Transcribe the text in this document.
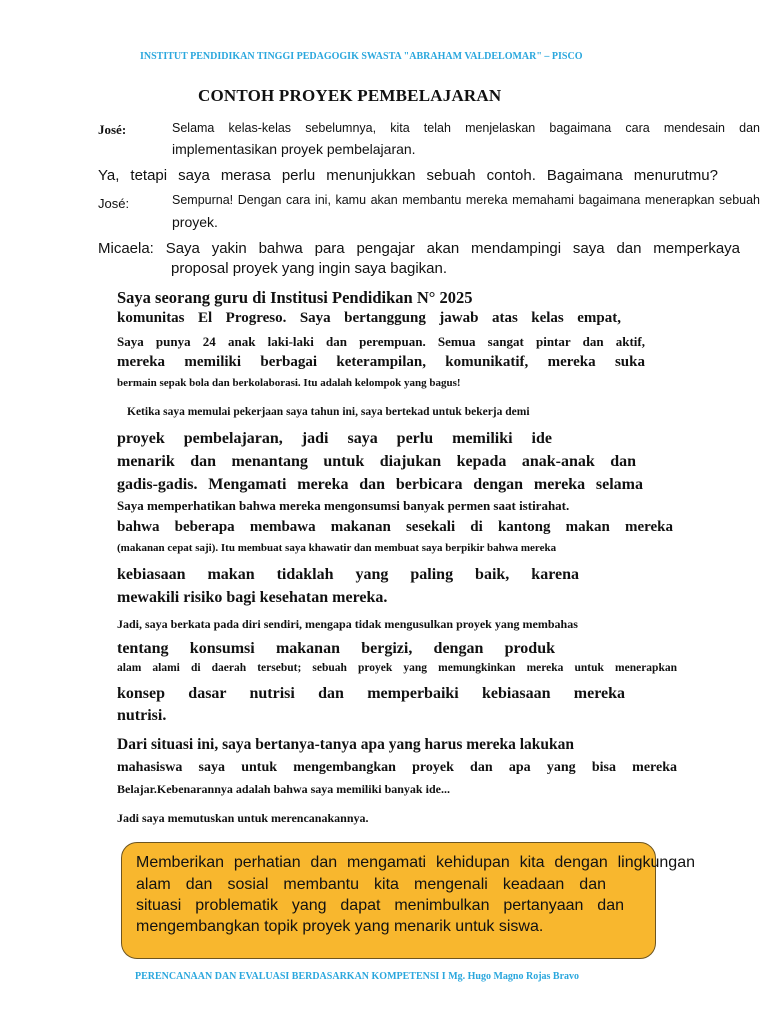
INSTITUT PENDIDIKAN TINGGI PEDAGOGIK SWASTA "ABRAHAM VALDELOMAR" – PISCO
CONTOH PROYEK PEMBELAJARAN
José:	Selama kelas-kelas sebelumnya, kita telah menjelaskan bagaimana cara mendesain dan
implementasikan proyek pembelajaran.
Ya, tetapi saya merasa perlu menunjukkan sebuah contoh. Bagaimana menurutmu?
José:	Sempurna! Dengan cara ini, kamu akan membantu mereka memahami bagaimana menerapkan sebuah
proyek.
Micaela: Saya yakin bahwa para pengajar akan mendampingi saya dan memperkaya
proposal proyek yang ingin saya bagikan.
Saya seorang guru di Institusi Pendidikan N° 2025
komunitas El Progreso. Saya bertanggung jawab atas kelas empat,
Saya punya 24 anak laki-laki dan perempuan. Semua sangat pintar dan aktif,
mereka memiliki berbagai keterampilan, komunikatif, mereka suka
bermain sepak bola dan berkolaborasi. Itu adalah kelompok yang bagus!
Ketika saya memulai pekerjaan saya tahun ini, saya bertekad untuk bekerja demi
proyek pembelajaran, jadi saya perlu memiliki ide
menarik dan menantang untuk diajukan kepada anak-anak dan
gadis-gadis. Mengamati mereka dan berbicara dengan mereka selama
Saya memperhatikan bahwa mereka mengonsumsi banyak permen saat istirahat.
bahwa beberapa membawa makanan sesekali di kantong makan mereka
(makanan cepat saji). Itu membuat saya khawatir dan membuat saya berpikir bahwa mereka
kebiasaan makan tidaklah yang paling baik, karena
mewakili risiko bagi kesehatan mereka.
Jadi, saya berkata pada diri sendiri, mengapa tidak mengusulkan proyek yang membahas
tentang konsumsi makanan bergizi, dengan produk
alam alami di daerah tersebut; sebuah proyek yang memungkinkan mereka untuk menerapkan
konsep dasar nutrisi dan memperbaiki kebiasaan mereka
nutrisi.
Dari situasi ini, saya bertanya-tanya apa yang harus mereka lakukan
mahasiswa saya untuk mengembangkan proyek dan apa yang bisa mereka
Belajar.Kebenarannya adalah bahwa saya memiliki banyak ide...
Jadi saya memutuskan untuk merencanakannya.
Memberikan perhatian dan mengamati kehidupan kita dengan lingkungan
alam dan sosial membantu kita mengenali keadaan dan
situasi problematik yang dapat menimbulkan pertanyaan dan
mengembangkan topik proyek yang menarik untuk siswa.
PERENCANAAN DAN EVALUASI BERDASARKAN KOMPETENSI I Mg. Hugo Magno Rojas Bravo
